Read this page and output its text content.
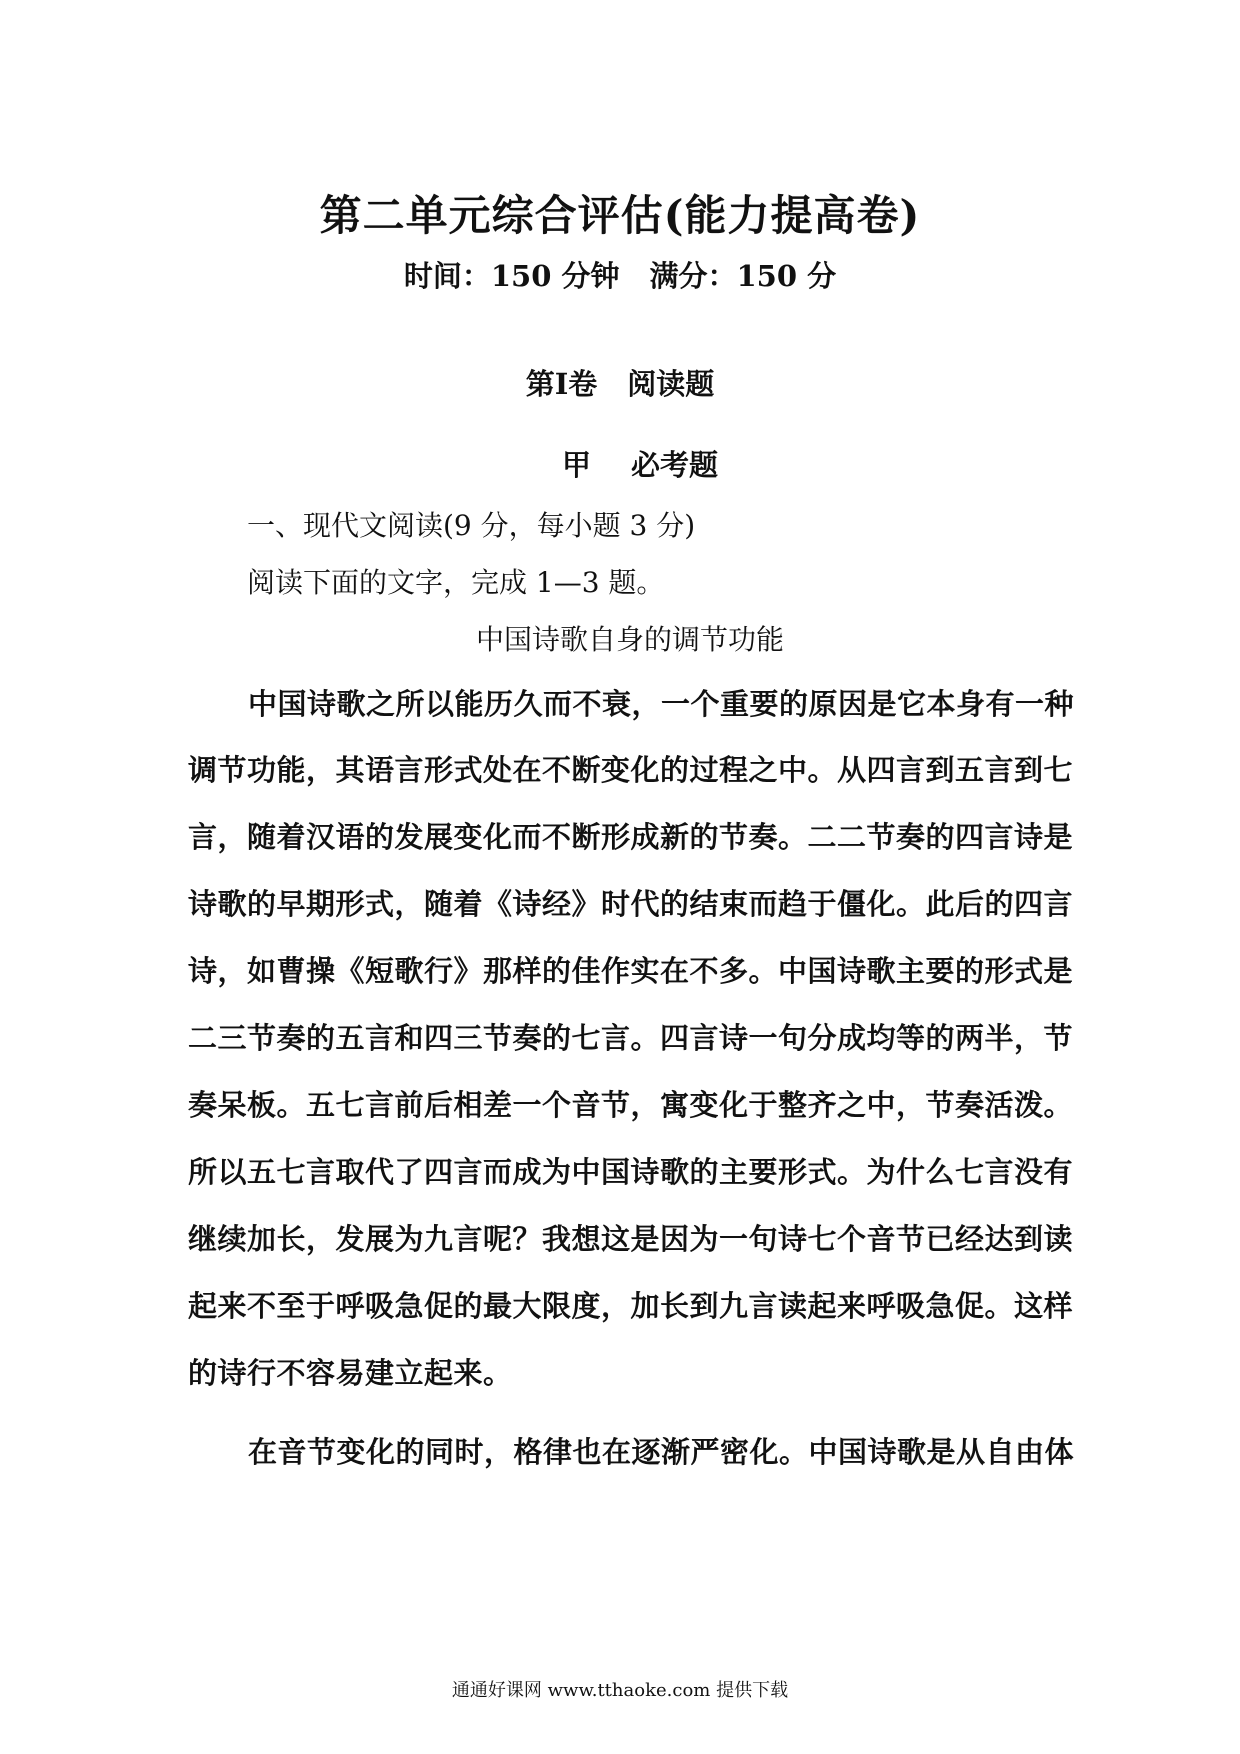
第二单元综合评估(能力提高卷)
时间：150 分钟 满分：150 分
第Ⅰ卷 阅读题
甲 必考题
一、现代文阅读(9 分，每小题 3 分)
阅读下面的文字，完成 1—3 题。
中国诗歌自身的调节功能
中国诗歌之所以能历久而不衰，一个重要的原因是它本身有一种
调节功能，其语言形式处在不断变化的过程之中。从四言到五言到七
言，随着汉语的发展变化而不断形成新的节奏。二二节奏的四言诗是
诗歌的早期形式，随着《诗经》时代的结束而趋于僵化。此后的四言
诗，如曹操《短歌行》那样的佳作实在不多。中国诗歌主要的形式是
二三节奏的五言和四三节奏的七言。四言诗一句分成均等的两半，节
奏呆板。五七言前后相差一个音节，寓变化于整齐之中，节奏活泼。
所以五七言取代了四言而成为中国诗歌的主要形式。为什么七言没有
继续加长，发展为九言呢？我想这是因为一句诗七个音节已经达到读
起来不至于呼吸急促的最大限度，加长到九言读起来呼吸急促。这样
的诗行不容易建立起来。
在音节变化的同时，格律也在逐渐严密化。中国诗歌是从自由体
通通好课网 www.tthaoke.com 提供下载
